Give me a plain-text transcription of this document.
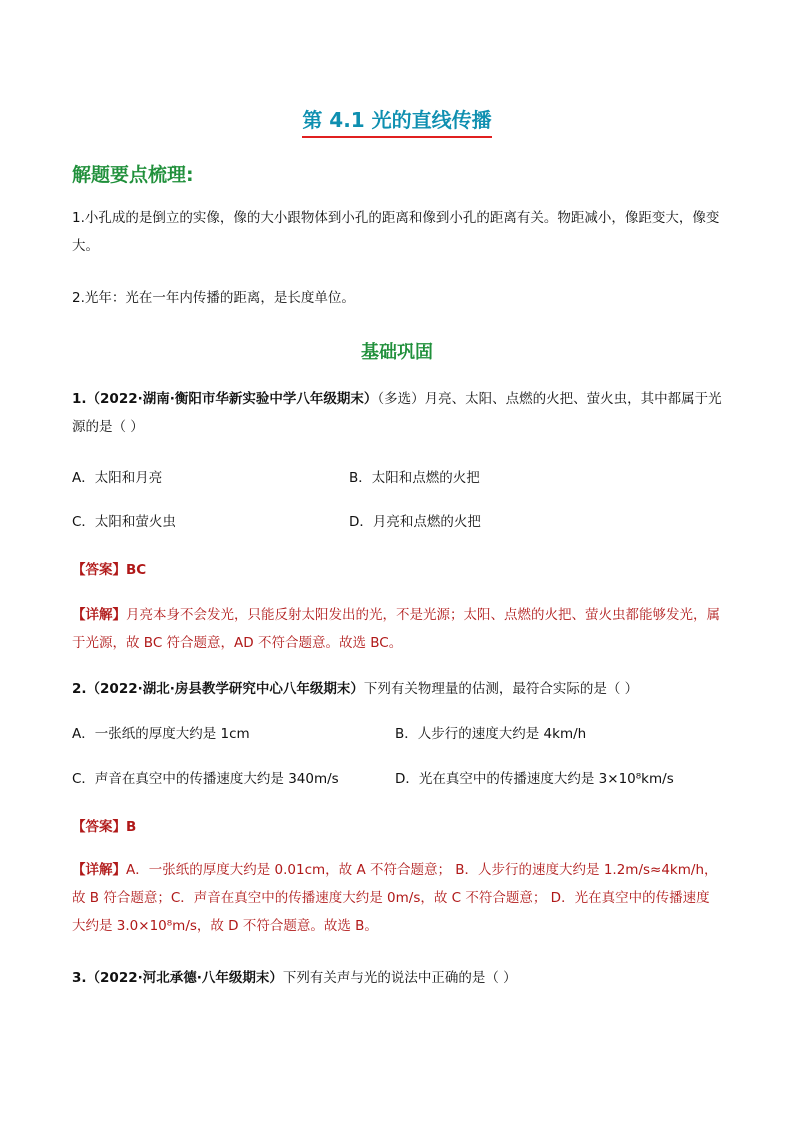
第 4.1 光的直线传播
解题要点梳理:
1.小孔成的是倒立的实像，像的大小跟物体到小孔的距离和像到小孔的距离有关。物距减小，像距变大，像变大。
2.光年：光在一年内传播的距离，是长度单位。
基础巩固
1.（2022·湖南·衡阳市华新实验中学八年级期末）（多选）月亮、太阳、点燃的火把、萤火虫，其中都属于光源的是（ ）
A．太阳和月亮	B．太阳和点燃的火把
C．太阳和萤火虫	D．月亮和点燃的火把
【答案】BC
【详解】月亮本身不会发光，只能反射太阳发出的光，不是光源；太阳、点燃的火把、萤火虫都能够发光，属于光源，故 BC 符合题意，AD 不符合题意。故选 BC。
2.（2022·湖北·房县教学研究中心八年级期末）下列有关物理量的估测，最符合实际的是（ ）
A．一张纸的厚度大约是 1cm	B．人步行的速度大约是 4km/h
C．声音在真空中的传播速度大约是 340m/s	D．光在真空中的传播速度大约是 3×10⁸km/s
【答案】B
【详解】A．一张纸的厚度大约是 0.01cm，故 A 不符合题意； B．人步行的速度大约是 1.2m/s≈4km/h，故 B 符合题意；C．声音在真空中的传播速度大约是 0m/s，故 C 不符合题意； D．光在真空中的传播速度大约是 3.0×10⁸m/s，故 D 不符合题意。故选 B。
3.（2022·河北承德·八年级期末）下列有关声与光的说法中正确的是（ ）
